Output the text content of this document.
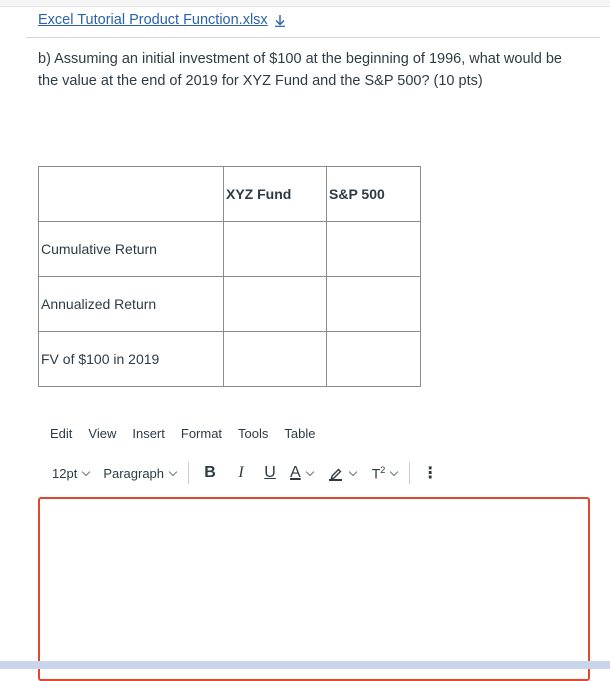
Excel Tutorial Product Function.xlsx

b) Assuming an initial investment of $100 at the beginning of 1996, what would be the value at the end of 2019 for XYZ Fund and the S&P 500? (10 pts)

	XYZ Fund	S&P 500
Cumulative Return		
Annualized Return		
FV of $100 in 2019		
Edit View Insert Format Tools Table
12pt Paragraph	B	I	U A	$T^2$ ⋮
